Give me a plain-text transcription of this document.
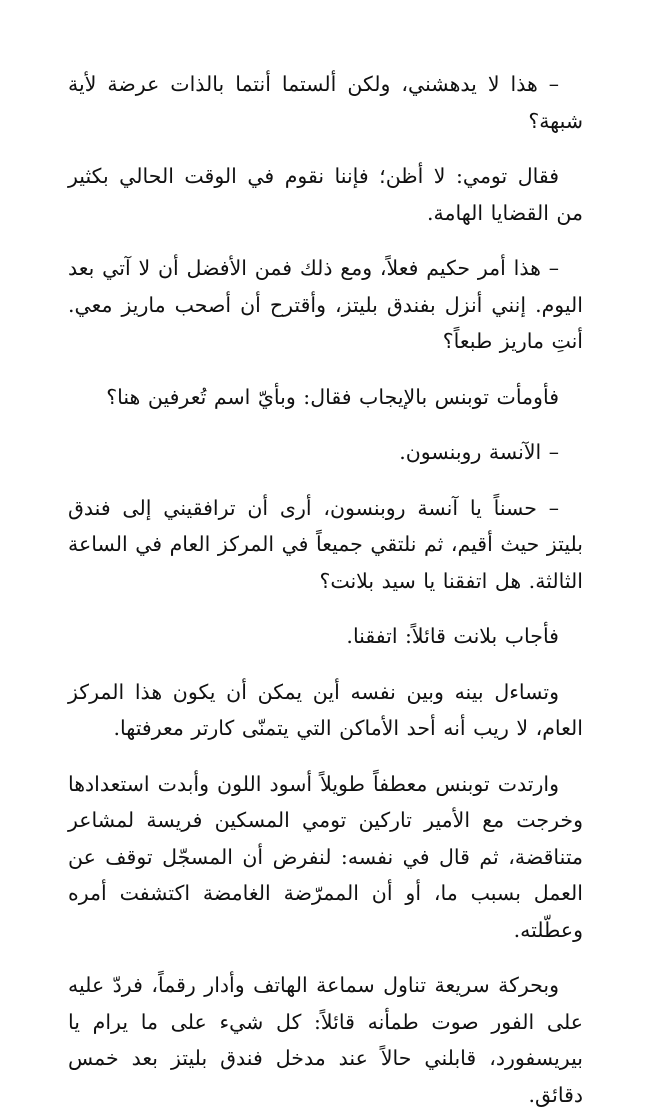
– هذا لا يدهشني، ولكن ألستما أنتما بالذات عرضة لأية شبهة؟

فقال تومي: لا أظن؛ فإننا نقوم في الوقت الحالي بكثير من القضايا الهامة.

– هذا أمر حكيم فعلاً، ومع ذلك فمن الأفضل أن لا آتي بعد اليوم. إنني أنزل بفندق بليتز، وأقترح أن أصحب ماريز معي. أنتِ ماريز طبعاً؟

فأومأت توبنس بالإيجاب فقال: وبأيّ اسم تُعرفين هنا؟

– الآنسة روبنسون.

– حسناً يا آنسة روبنسون، أرى أن ترافقيني إلى فندق بليتز حيث أقيم، ثم نلتقي جميعاً في المركز العام في الساعة الثالثة. هل اتفقنا يا سيد بلانت؟

فأجاب بلانت قائلاً: اتفقنا.

وتساءل بينه وبين نفسه أين يمكن أن يكون هذا المركز العام، لا ريب أنه أحد الأماكن التي يتمنّى كارتر معرفتها.

وارتدت توبنس معطفاً طويلاً أسود اللون وأبدت استعدادها وخرجت مع الأمير تاركين تومي المسكين فريسة لمشاعر متناقضة، ثم قال في نفسه: لنفرض أن المسجّل توقف عن العمل بسبب ما، أو أن الممرّضة الغامضة اكتشفت أمره وعطّلته.

وبحركة سريعة تناول سماعة الهاتف وأدار رقماً، فردّ عليه على الفور صوت طمأنه قائلاً: كل شيء على ما يرام يا بيريسفورد، قابلني حالاً عند مدخل فندق بليتز بعد خمس دقائق.
